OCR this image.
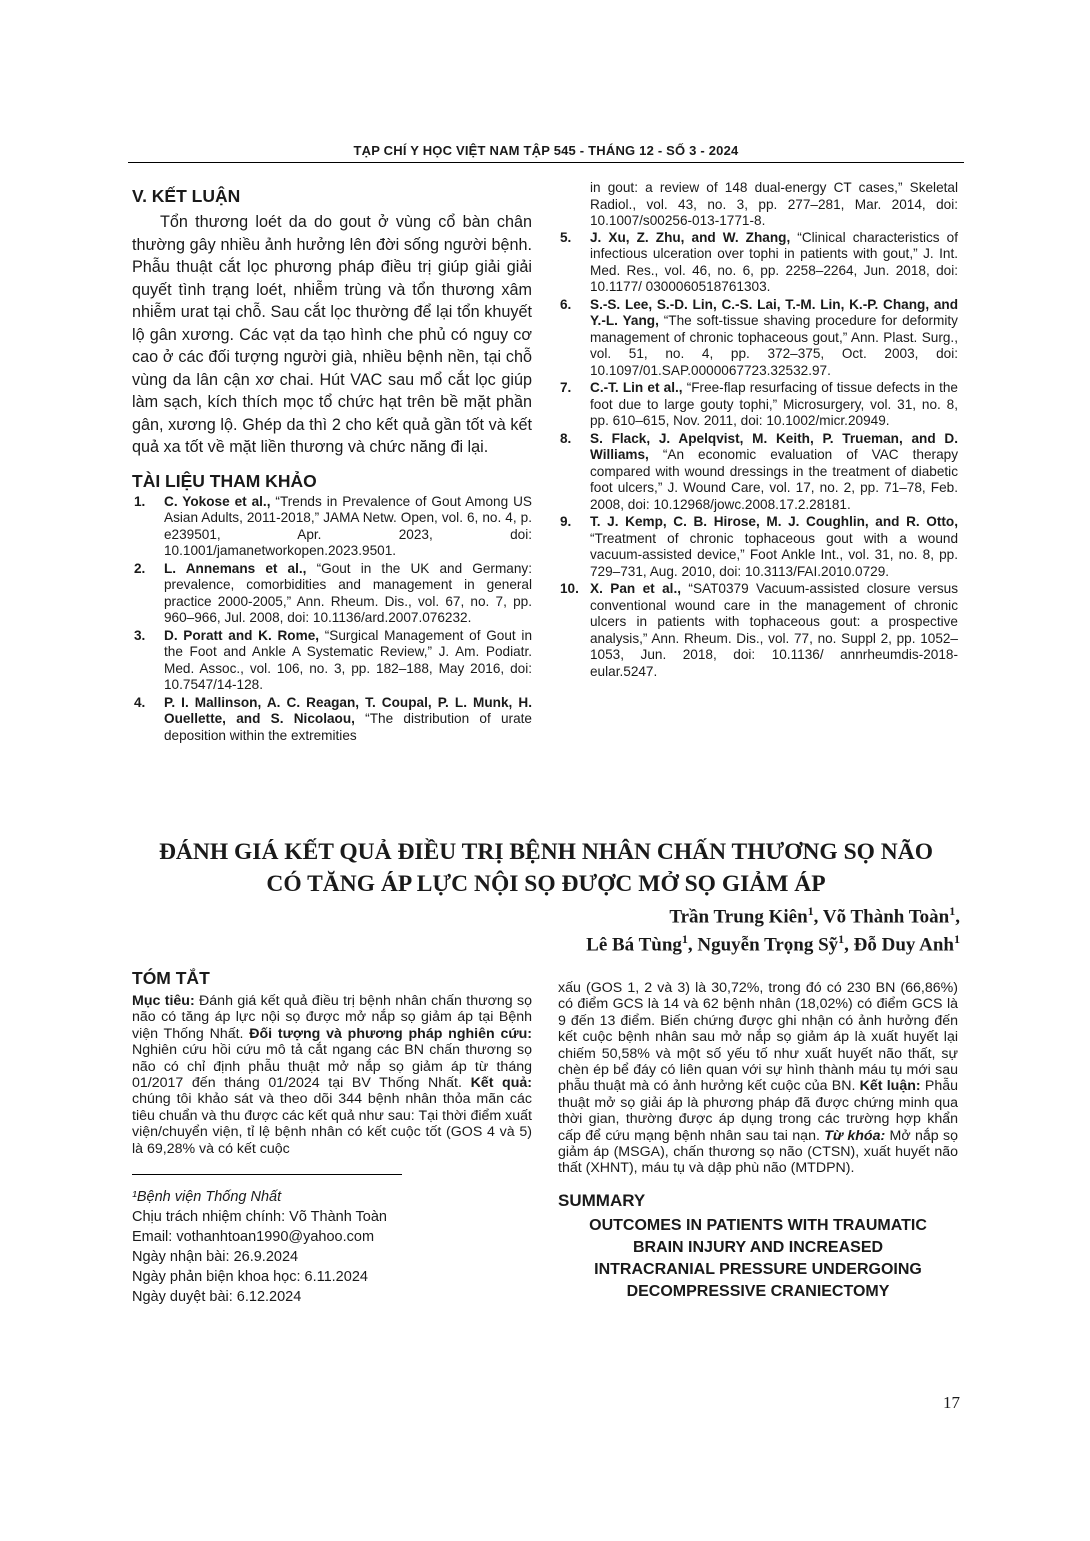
TẠP CHÍ Y HỌC VIỆT NAM TẬP 545 - THÁNG 12 - SỐ 3 - 2024
V. KẾT LUẬN

Tổn thương loét da do gout ở vùng cổ bàn chân thường gây nhiều ảnh hưởng lên đời sống người bệnh. Phẫu thuật cắt lọc phương pháp điều trị giúp giải giải quyết tình trạng loét, nhiễm trùng và tổn thương xâm nhiễm urat tại chỗ. Sau cắt lọc thường để lại tổn khuyết lộ gân xương. Các vạt da tạo hình che phủ có nguy cơ cao ở các đối tượng người già, nhiều bệnh nền, tại chỗ vùng da lân cận xơ chai. Hút VAC sau mổ cắt lọc giúp làm sạch, kích thích mọc tổ chức hạt trên bề mặt phần gân, xương lộ. Ghép da thì 2 cho kết quả gần tốt và kết quả xa tốt về mặt liền thương và chức năng đi lại.

TÀI LIỆU THAM KHẢO
1.	C. Yokose et al., “Trends in Prevalence of Gout Among US Asian Adults, 2011-2018,” JAMA Netw. Open, vol. 6, no. 4, p. e239501, Apr. 2023, doi: 10.1001/jamanetworkopen.2023.9501.
2.	L. Annemans et al., “Gout in the UK and Germany: prevalence, comorbidities and management in general practice 2000-2005,” Ann. Rheum. Dis., vol. 67, no. 7, pp. 960–966, Jul. 2008, doi: 10.1136/ard.2007.076232.
3.	D. Poratt and K. Rome, “Surgical Management of Gout in the Foot and Ankle A Systematic Review,” J. Am. Podiatr. Med. Assoc., vol. 106, no. 3, pp. 182–188, May 2016, doi: 10.7547/14-128.
4.	P. I. Mallinson, A. C. Reagan, T. Coupal, P. L. Munk, H. Ouellette, and S. Nicolaou, “The distribution of urate deposition within the extremities
in gout: a review of 148 dual-energy CT cases,” Skeletal Radiol., vol. 43, no. 3, pp. 277–281, Mar. 2014, doi: 10.1007/s00256-013-1771-8.
5.	J. Xu, Z. Zhu, and W. Zhang, “Clinical characteristics of infectious ulceration over tophi in patients with gout,” J. Int. Med. Res., vol. 46, no. 6, pp. 2258–2264, Jun. 2018, doi: 10.1177/ 0300060518761303.
6.	S.-S. Lee, S.-D. Lin, C.-S. Lai, T.-M. Lin, K.-P. Chang, and Y.-L. Yang, “The soft-tissue shaving procedure for deformity management of chronic tophaceous gout,” Ann. Plast. Surg., vol. 51, no. 4, pp. 372–375, Oct. 2003, doi: 10.1097/01.SAP.0000067723.32532.97.
7.	C.-T. Lin et al., “Free-flap resurfacing of tissue defects in the foot due to large gouty tophi,” Microsurgery, vol. 31, no. 8, pp. 610–615, Nov. 2011, doi: 10.1002/micr.20949.
8.	S. Flack, J. Apelqvist, M. Keith, P. Trueman, and D. Williams, “An economic evaluation of VAC therapy compared with wound dressings in the treatment of diabetic foot ulcers,” J. Wound Care, vol. 17, no. 2, pp. 71–78, Feb. 2008, doi: 10.12968/jowc.2008.17.2.28181.
9.	T. J. Kemp, C. B. Hirose, M. J. Coughlin, and R. Otto, “Treatment of chronic tophaceous gout with a wound vacuum-assisted device,” Foot Ankle Int., vol. 31, no. 8, pp. 729–731, Aug. 2010, doi: 10.3113/FAI.2010.0729.
10. X. Pan et al., “SAT0379 Vacuum-assisted closure versus conventional wound care in the management of chronic ulcers in patients with tophaceous gout: a prospective analysis,” Ann. Rheum. Dis., vol. 77, no. Suppl 2, pp. 1052–1053, Jun. 2018, doi: 10.1136/ annrheumdis-2018-eular.5247.
ĐÁNH GIÁ KẾT QUẢ ĐIỀU TRỊ BỆNH NHÂN CHẤN THƯƠNG SỌ NÃO
CÓ TĂNG ÁP LỰC NỘI SỌ ĐƯỢC MỞ SỌ GIẢM ÁP
Trần Trung Kiên$^1$, Võ Thành Toàn$^1$,
Lê Bá Tùng$^1$, Nguyễn Trọng Sỹ$^1$, Đỗ Duy Anh$^1$
TÓM TẮT

Mục tiêu: Đánh giá kết quả điều trị bệnh nhân chấn thương sọ não có tăng áp lực nội sọ được mở nắp sọ giảm áp tại Bệnh viện Thống Nhất. Đối tượng và phương pháp nghiên cứu: Nghiên cứu hồi cứu mô tả cắt ngang các BN chấn thương sọ não có chỉ định phẫu thuật mở nắp sọ giảm áp từ tháng 01/2017 đến tháng 01/2024 tại BV Thống Nhất. Kết quả: chúng tôi khảo sát và theo dõi 344 bệnh nhân thỏa mãn các tiêu chuẩn và thu được các kết quả như sau: Tại thời điểm xuất viện/chuyển viện, tỉ lệ bệnh nhân có kết cuộc tốt (GOS 4 và 5) là 69,28% và có kết cuộc

¹Bệnh viện Thống Nhất
Chịu trách nhiệm chính: Võ Thành Toàn
Email: vothanhtoan1990@yahoo.com
Ngày nhận bài: 26.9.2024
Ngày phản biện khoa học: 6.11.2024
Ngày duyệt bài: 6.12.2024

xấu (GOS 1, 2 và 3) là 30,72%, trong đó có 230 BN (66,86%) có điểm GCS là 14 và 62 bệnh nhân (18,02%) có điểm GCS là 9 đến 13 điểm. Biến chứng được ghi nhận có ảnh hưởng đến kết cuộc bệnh nhân sau mở nắp sọ giảm áp là xuất huyết lại chiếm 50,58% và một số yếu tố như xuất huyết não thất, sự chèn ép bể đáy có liên quan với sự hình thành máu tụ mới sau phẫu thuật mà có ảnh hưởng kết cuộc của BN. Kết luận: Phẫu thuật mở sọ giải áp là phương pháp đã được chứng minh qua thời gian, thường được áp dụng trong các trường hợp khẩn cấp để cứu mạng bệnh nhân sau tai nạn. Từ khóa: Mở nắp sọ giảm áp (MSGA), chấn thương sọ não (CTSN), xuất huyết não thất (XHNT), máu tụ và dập phù não (MTDPN).

SUMMARY
OUTCOMES IN PATIENTS WITH TRAUMATIC
BRAIN INJURY AND INCREASED
INTRACRANIAL PRESSURE UNDERGOING
DECOMPRESSIVE CRANIECTOMY
17
